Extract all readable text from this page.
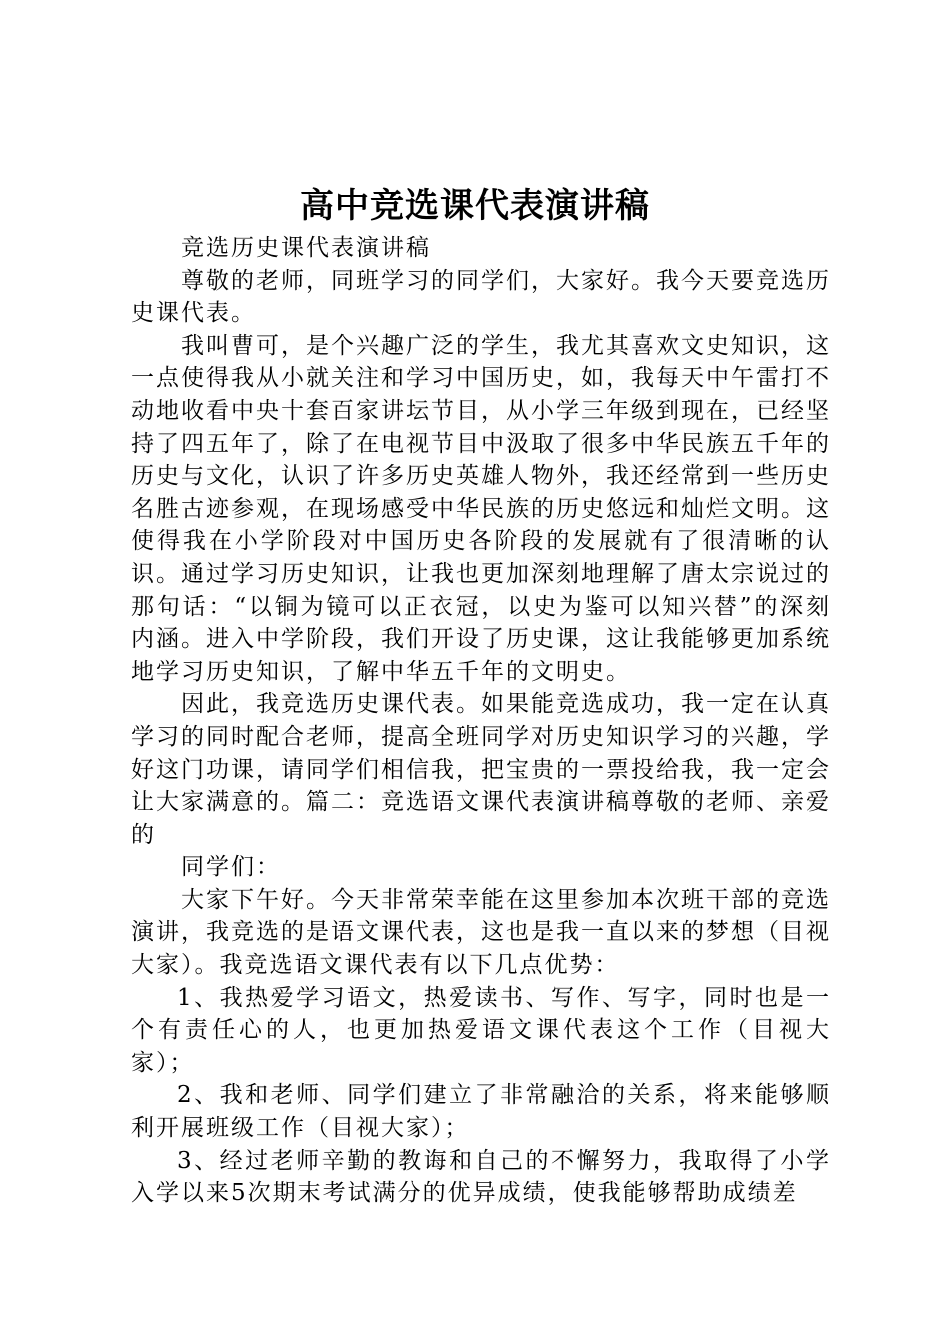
高中竞选课代表演讲稿

竞选历史课代表演讲稿

尊敬的老师，同班学习的同学们，大家好。我今天要竞选历史课代表。

我叫曹可，是个兴趣广泛的学生，我尤其喜欢文史知识，这一点使得我从小就关注和学习中国历史，如，我每天中午雷打不动地收看中央十套百家讲坛节目，从小学三年级到现在，已经坚持了四五年了，除了在电视节目中汲取了很多中华民族五千年的历史与文化，认识了许多历史英雄人物外，我还经常到一些历史名胜古迹参观，在现场感受中华民族的历史悠远和灿烂文明。这使得我在小学阶段对中国历史各阶段的发展就有了很清晰的认识。通过学习历史知识，让我也更加深刻地理解了唐太宗说过的那句话：“以铜为镜可以正衣冠，以史为鉴可以知兴替”的深刻内涵。进入中学阶段，我们开设了历史课，这让我能够更加系统地学习历史知识，了解中华五千年的文明史。

因此，我竞选历史课代表。如果能竞选成功，我一定在认真学习的同时配合老师，提高全班同学对历史知识学习的兴趣，学好这门功课，请同学们相信我，把宝贵的一票投给我，我一定会让大家满意的。篇二：竞选语文课代表演讲稿尊敬的老师、亲爱的

同学们：

大家下午好。今天非常荣幸能在这里参加本次班干部的竞选演讲，我竞选的是语文课代表，这也是我一直以来的梦想（目视大家）。我竞选语文课代表有以下几点优势：

1、我热爱学习语文，热爱读书、写作、写字，同时也是一个有责任心的人，也更加热爱语文课代表这个工作（目视大家）；

2、我和老师、同学们建立了非常融洽的关系，将来能够顺利开展班级工作（目视大家）；

3、经过老师辛勤的教诲和自己的不懈努力，我取得了小学入学以来5次期末考试满分的优异成绩，使我能够帮助成绩差
